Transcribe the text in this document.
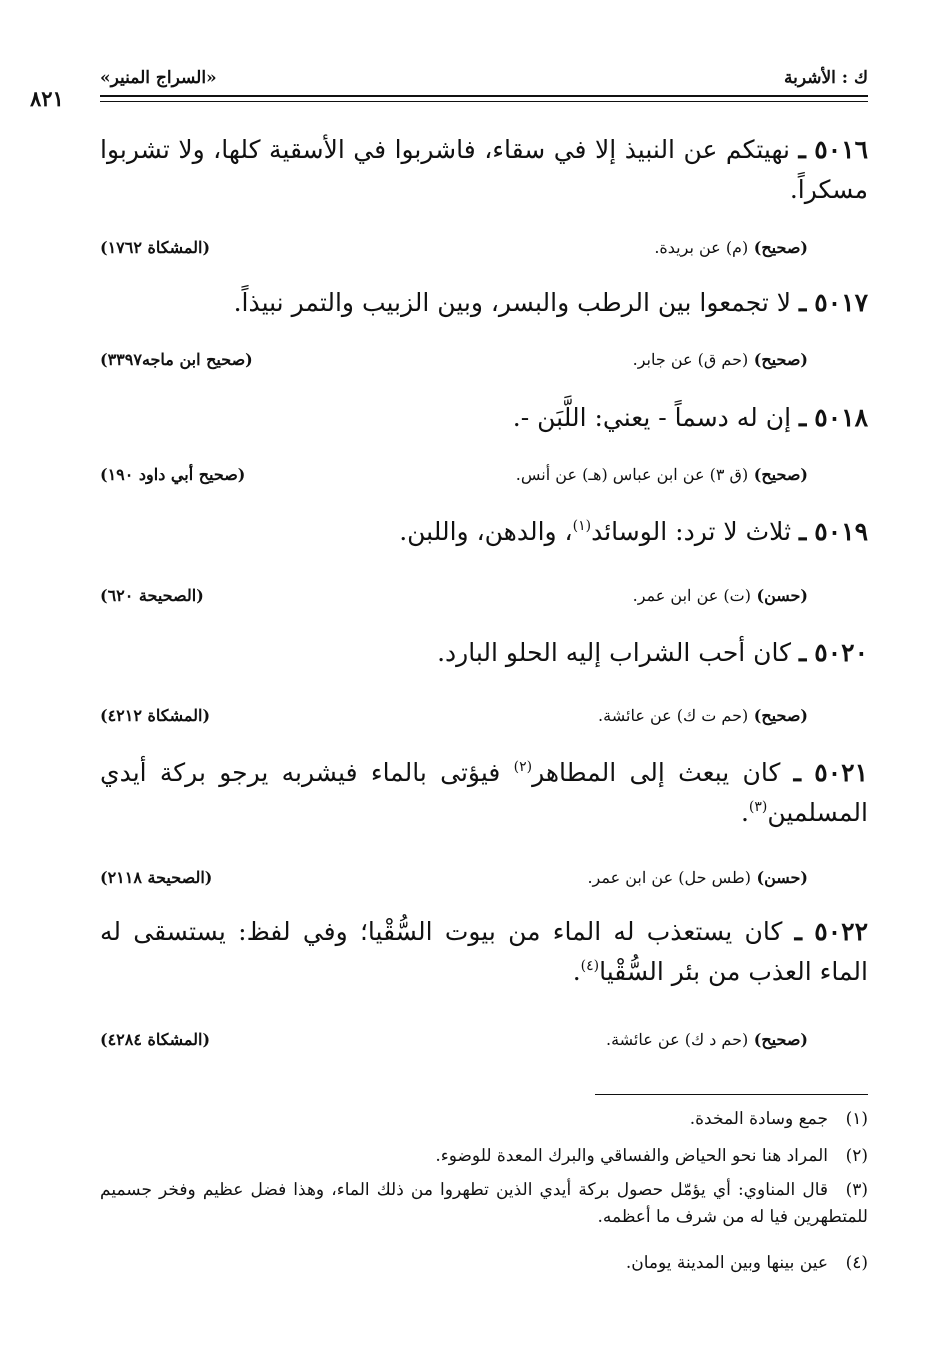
ك : الأشربة
«السراج المنير»
٨٢١
٥٠١٦ ـ نهيتكم عن النبيذ إلا في سقاء، فاشربوا في الأسقية كلها، ولا تشربوا مسكراً.
(صحيح) (م) عن بريدة.
(المشكاة ١٧٦٢)
٥٠١٧ ـ لا تجمعوا بين الرطب والبسر، وبين الزبيب والتمر نبيذاً.
(صحيح) (حم ق) عن جابر.
(صحيح ابن ماجه٣٣٩٧)
٥٠١٨ ـ إن له دسماً - يعني: اللَّبَن -.
(صحيح) (ق ٣) عن ابن عباس (هـ) عن أنس.
(صحيح أبي داود ١٩٠)
٥٠١٩ ـ ثلاث لا ترد: الوسائد$^{(١)}$، والدهن، واللبن.
(حسن) (ت) عن ابن عمر.
(الصحيحة ٦٢٠)
٥٠٢٠ ـ كان أحب الشراب إليه الحلو البارد.
(صحيح) (حم ت ك) عن عائشة.
(المشكاة ٤٢١٢)
٥٠٢١ ـ كان يبعث إلى المطاهر$^{(٢)}$ فيؤتى بالماء فيشربه يرجو بركة أيدي المسلمين$^{(٣)}$.
(حسن) (طس حل) عن ابن عمر.
(الصحيحة ٢١١٨)
٥٠٢٢ ـ كان يستعذب له الماء من بيوت السُّقْيا؛ وفي لفظ: يستسقى له الماء العذب من بئر السُّقْيا$^{(٤)}$.
(صحيح) (حم د ك) عن عائشة.
(المشكاة ٤٢٨٤)
(١)جمع وسادة المخدة.
(٢)المراد هنا نحو الحياض والفساقي والبرك المعدة للوضوء.
(٣)قال المناوي: أي يؤمّل حصول بركة أيدي الذين تطهروا من ذلك الماء، وهذا فضل عظيم وفخر جسميم للمتطهرين فيا له من شرف ما أعظمه.
(٤)عين بينها وبين المدينة يومان.
